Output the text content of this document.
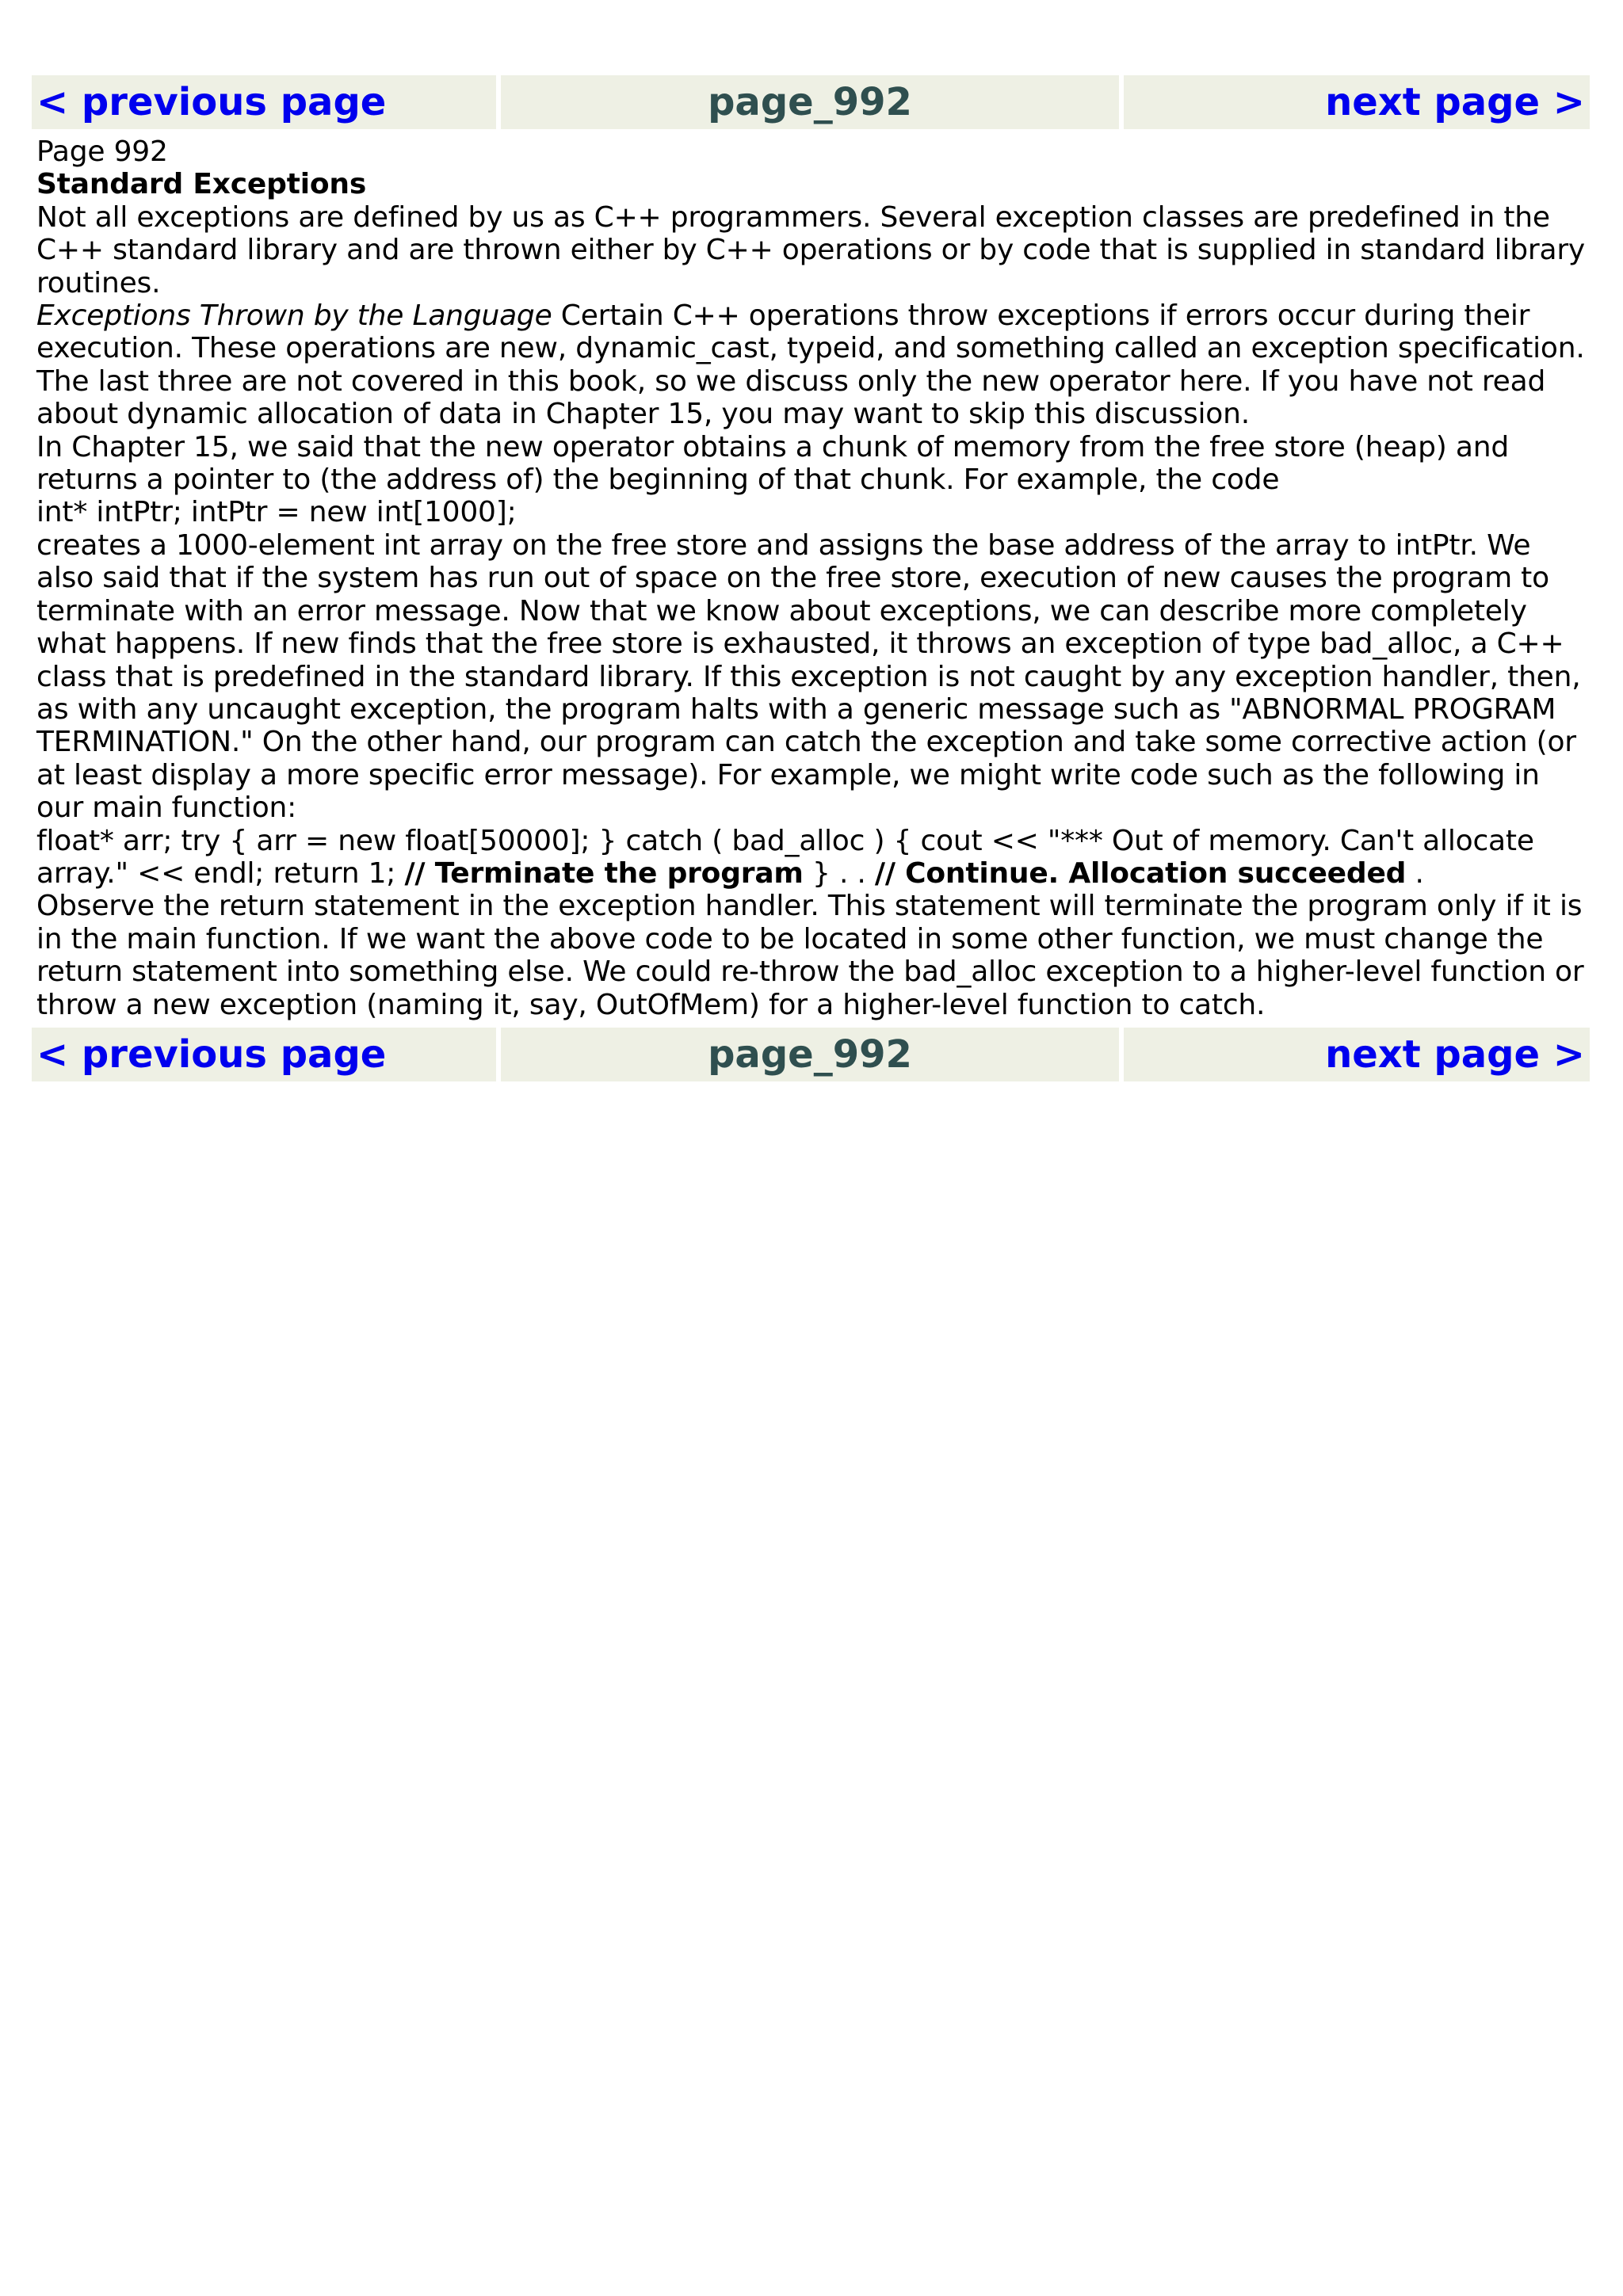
< previous page	page_992	next page >
Page 992
Standard Exceptions

Not all exceptions are defined by us as C++ programmers. Several exception classes are predefined in the C++ standard library and are thrown either by C++ operations or by code that is supplied in standard library routines.

Exceptions Thrown by the Language Certain C++ operations throw exceptions if errors occur during their execution. These operations are new, dynamic_cast, typeid, and something called an exception specification. The last three are not covered in this book, so we discuss only the new operator here. If you have not read about dynamic allocation of data in Chapter 15, you may want to skip this discussion.

In Chapter 15, we said that the new operator obtains a chunk of memory from the free store (heap) and returns a pointer to (the address of) the beginning of that chunk. For example, the code

int* intPtr; intPtr = new int[1000];

creates a 1000-element int array on the free store and assigns the base address of the array to intPtr. We also said that if the system has run out of space on the free store, execution of new causes the program to terminate with an error message. Now that we know about exceptions, we can describe more completely what happens. If new finds that the free store is exhausted, it throws an exception of type bad_alloc, a C++ class that is predefined in the standard library. If this exception is not caught by any exception handler, then, as with any uncaught exception, the program halts with a generic message such as "ABNORMAL PROGRAM TERMINATION." On the other hand, our program can catch the exception and take some corrective action (or at least display a more specific error message). For example, we might write code such as the following in our main function:

float* arr; try { arr = new float[50000]; } catch ( bad_alloc ) { cout << "*** Out of memory. Can't allocate array." << endl; return 1; // Terminate the program } . . // Continue. Allocation succeeded .

Observe the return statement in the exception handler. This statement will terminate the program only if it is in the main function. If we want the above code to be located in some other function, we must change the return statement into something else. We could re-throw the bad_alloc exception to a higher-level function or throw a new exception (naming it, say, OutOfMem) for a higher-level function to catch.

< previous page	page_992	next page >
